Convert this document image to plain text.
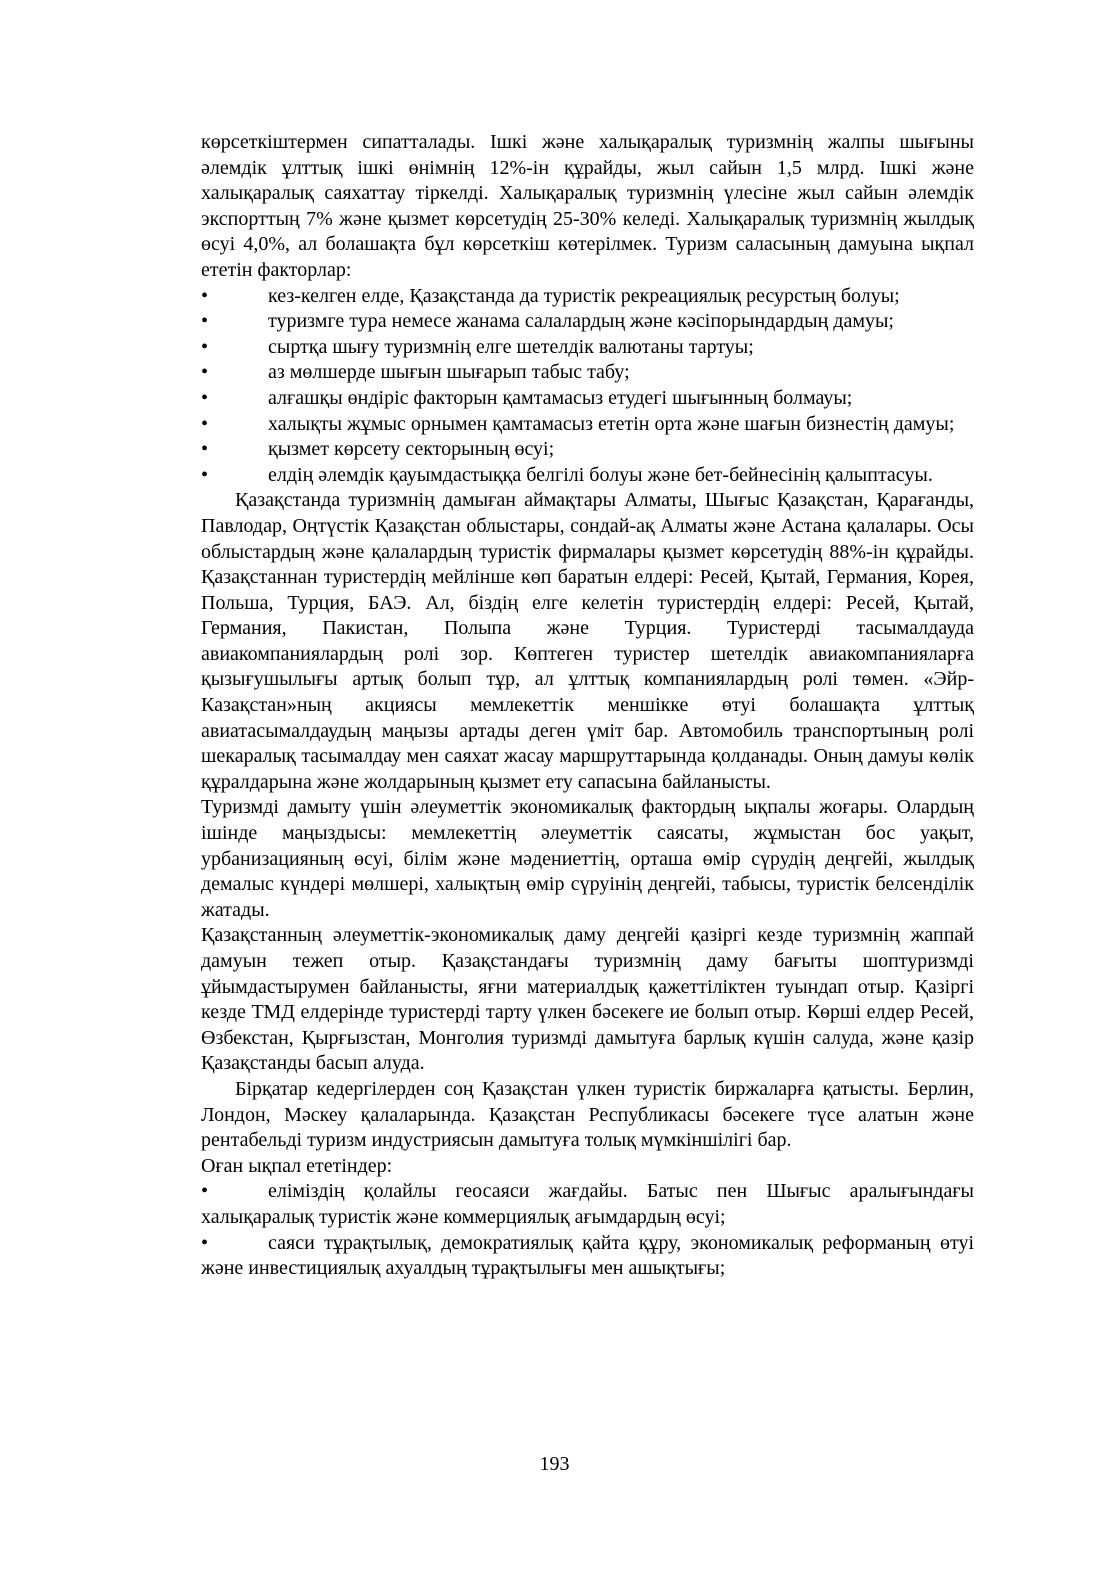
көрсеткіштермен сипатталады. Ішкі және халықаралық туризмнің жалпы шығыны әлемдік ұлттық ішкі өнімнің 12%-ін құрайды, жыл сайын 1,5 млрд. Ішкі және халықаралық саяхаттау тіркелді. Халықаралық туризмнің үлесіне жыл сайын әлемдік экспорттың 7% және қызмет көрсетудің 25-30% келеді. Халықаралық туризмнің жылдық өсуі 4,0%, ал болашақта бұл көрсеткіш көтерілмек. Туризм саласының дамуына ықпал ететін факторлар:

•	кез-келген елде, Қазақстанда да туристік рекреациялық ресурстың болуы;

•	туризмге тура немесе жанама салалардың және кәсіпорындардың дамуы;

•	сыртқа шығу туризмнің елге шетелдік валютаны тартуы;

•	аз мөлшерде шығын шығарып табыс табу;

•	алғашқы өндіріс факторын қамтамасыз етудегі шығынның болмауы;

•	халықты жұмыс орнымен қамтамасыз ететін орта және шағын бизнестің дамуы;

•	қызмет көрсету секторының өсуі;

•	елдің әлемдік қауымдастыққа белгілі болуы және бет-бейнесінің қалыптасуы.

Қазақстанда туризмнің дамыған аймақтары Алматы, Шығыс Қазақстан, Қарағанды, Павлодар, Оңтүстік Қазақстан облыстары, сондай-ақ Алматы және Астана қалалары. Осы облыстардың және қалалардың туристік фирмалары қызмет көрсетудің 88%-ін құрайды. Қазақстаннан туристердің мейлінше көп баратын елдері: Ресей, Қытай, Германия, Корея, Польша, Турция, БАЭ. Ал, біздің елге келетін туристердің елдері: Ресей, Қытай, Германия, Пакистан, Полыпа және Турция. Туристерді тасымалдауда авиакомпаниялардың ролі зор. Көптеген туристер шетелдік авиакомпанияларға қызығушылығы артық болып тұр, ал ұлттық компаниялардың ролі төмен. «Эйр-Казақстан»ның акциясы мемлекеттік меншікке өтуі болашақта ұлттық авиатасымалдаудың маңызы артады деген үміт бар. Автомобиль транспортының ролі шекаралық тасымалдау мен саяхат жасау маршруттарында қолданады. Оның дамуы көлік құралдарына және жолдарының қызмет ету сапасына байланысты.

Туризмді дамыту үшін әлеуметтік экономикалық фактордың ықпалы жоғары. Олардың ішінде маңыздысы: мемлекеттің әлеуметтік саясаты, жұмыстан бос уақыт, урбанизацияның өсуі, білім және мәдениеттің, орташа өмір сүрудің деңгейі, жылдық демалыс күндері мөлшері, халықтың өмір сүруінің деңгейі, табысы, туристік белсенділік жатады.

Қазақстанның әлеуметтік-экономикалық даму деңгейі қазіргі кезде туризмнің жаппай дамуын тежеп отыр. Қазақстандағы туризмнің даму бағыты шоптуризмді ұйымдастырумен байланысты, яғни материалдық қажеттіліктен туындап отыр. Қазіргі кезде ТМД елдерінде туристерді тарту үлкен бәсекеге ие болып отыр. Көрші елдер Ресей, Өзбекстан, Қырғызстан, Монголия туризмді дамытуға барлық күшін салуда, және қазір Қазақстанды басып алуда.

Бірқатар кедергілерден соң Қазақстан үлкен туристік биржаларға қатысты. Берлин, Лондон, Мәскеу қалаларында. Қазақстан Республикасы бәсекеге түсе алатын және рентабельді туризм индустриясын дамытуға толық мүмкіншілігі бар.

Оған ықпал ететіндер:

•	еліміздің қолайлы геосаяси жағдайы. Батыс пен Шығыс аралығындағы халықаралық туристік және коммерциялық ағымдардың өсуі;

•	саяси тұрақтылық, демократиялық қайта құру, экономикалық реформаның өтуі және инвестициялық ахуалдың тұрақтылығы мен ашықтығы;

193
